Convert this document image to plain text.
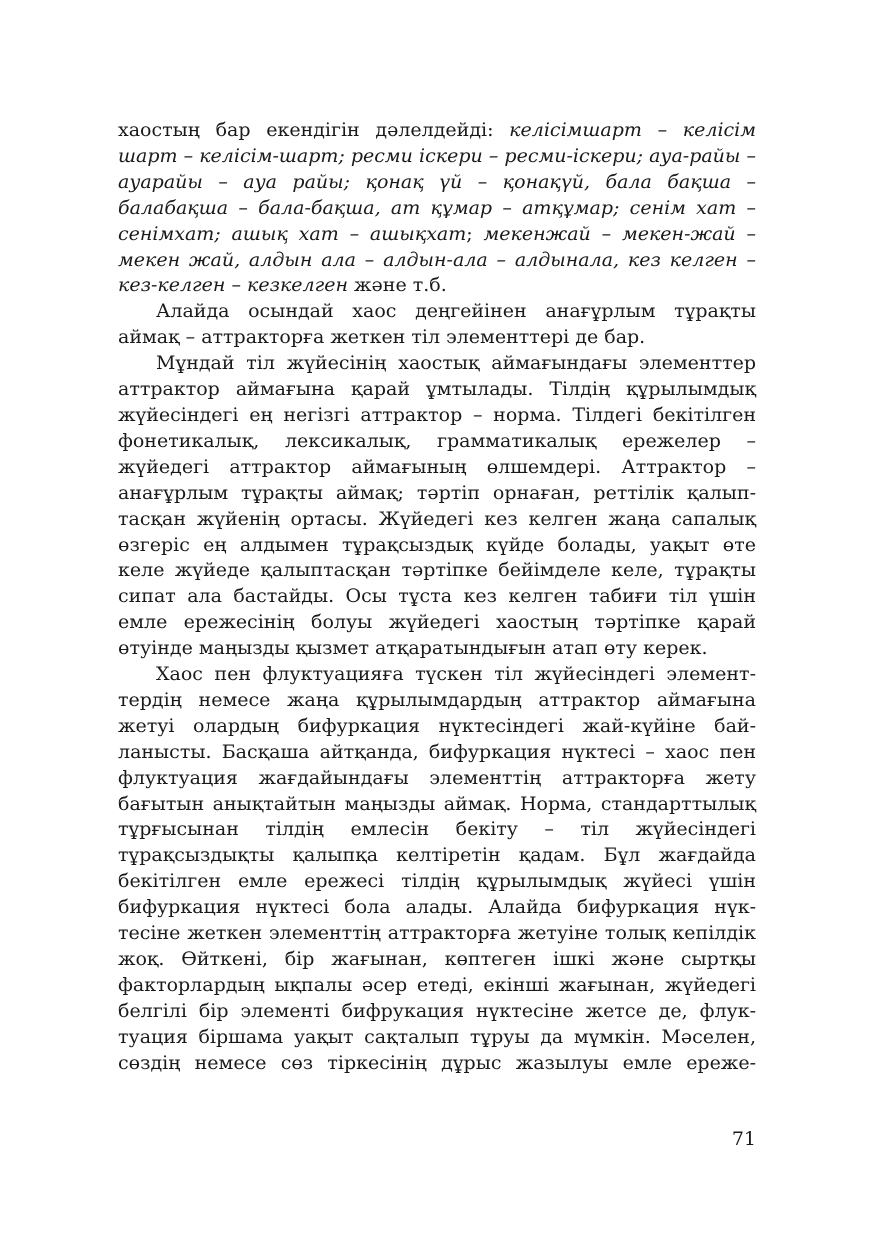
хаостың бар екендігін дәлелдейді: келісімшарт – келісім шарт – келісім-шарт; ресми іскери – ресми-іскери; ауа-райы – ауарайы – ауа райы; қонақ үй – қонақүй, бала бақша – балабақша – бала-бақша, ат құмар – атқұмар; сенім хат – сенімхат; ашық хат – ашықхат; мекенжай – мекен-жай – мекен жай, алдын ала – алдын-ала – алдынала, кез келген – кез-келген – кезкелген және т.б.

Алайда осындай хаос деңгейінен анағұрлым тұрақты аймақ – аттракторға жеткен тіл элементтері де бар.

Мұндай тіл жүйесінің хаостық аймағындағы элементтер аттрактор аймағына қарай ұмтылады. Тілдің құрылымдық жүйесіндегі ең негізгі аттрактор – норма. Тілдегі бекітілген фонетикалық, лексикалық, грамматикалық ережелер – жүйедегі аттрактор аймағының өлшемдері. Аттрактор – анағұрлым тұрақты аймақ; тәртіп орнаған, реттілік қалыптасқан жүйенің ортасы. Жүйедегі кез келген жаңа сапалық өзгеріс ең алдымен тұрақсыздық күйде болады, уақыт өте келе жүйеде қалыптасқан тәртіпке бейімделе келе, тұрақты сипат ала бастайды. Осы тұста кез келген табиғи тіл үшін емле ережесінің болуы жүйедегі хаостың тәртіпке қарай өтуінде маңызды қызмет атқаратындығын атап өту керек.

Хаос пен флуктуацияға түскен тіл жүйесіндегі элементтердің немесе жаңа құрылымдардың аттрактор аймағына жетуі олардың бифуркация нүктесіндегі жай-күйіне байланысты. Басқаша айтқанда, бифуркация нүктесі – хаос пен флуктуация жағдайындағы элементтің аттракторға жету бағытын анықтайтын маңызды аймақ. Норма, стандарттылық тұрғысынан тілдің емлесін бекіту – тіл жүйесіндегі тұрақсыздықты қалыпқа келтіретін қадам. Бұл жағдайда бекітілген емле ережесі тілдің құрылымдық жүйесі үшін бифуркация нүктесі бола алады. Алайда бифуркация нүктесіне жеткен элементтің аттракторға жетуіне толық кепілдік жоқ. Өйткені, бір жағынан, көптеген ішкі және сыртқы факторлардың ықпалы әсер етеді, екінші жағынан, жүйедегі белгілі бір элементі бифрукация нүктесіне жетсе де, флуктуация біршама уақыт сақталып тұруы да мүмкін. Мәселен, сөздің немесе сөз тіркесінің дұрыс жазылуы емле ереже-

71
